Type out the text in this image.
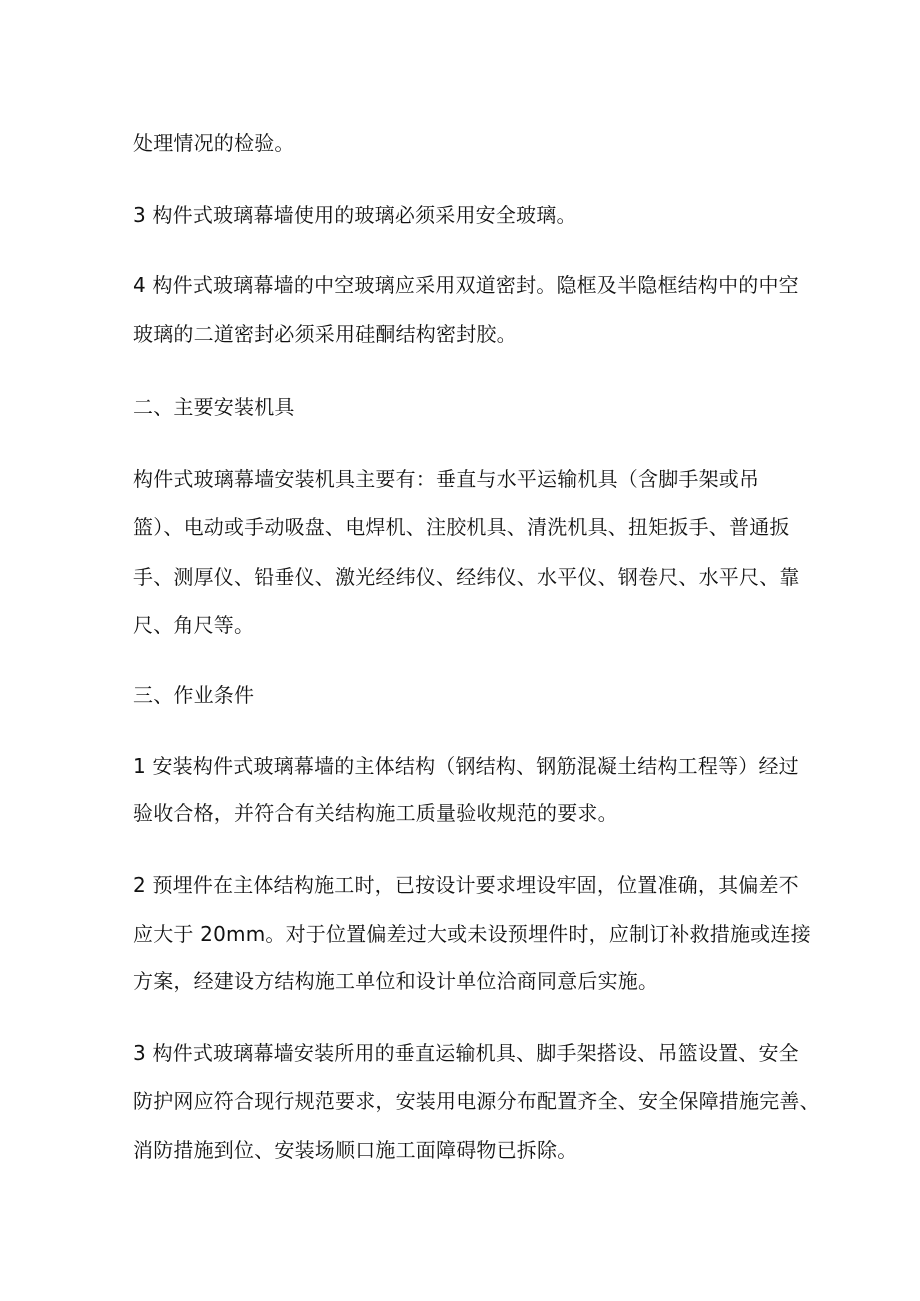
处理情况的检验。

3 构件式玻璃幕墙使用的玻璃必须采用安全玻璃。

4 构件式玻璃幕墙的中空玻璃应采用双道密封。隐框及半隐框结构中的中空

玻璃的二道密封必须采用硅酮结构密封胶。

二、主要安装机具

构件式玻璃幕墙安装机具主要有：垂直与水平运输机具（含脚手架或吊

篮）、电动或手动吸盘、电焊机、注胶机具、清洗机具、扭矩扳手、普通扳

手、测厚仪、铅垂仪、激光经纬仪、经纬仪、水平仪、钢卷尺、水平尺、靠

尺、角尺等。

三、作业条件

1 安装构件式玻璃幕墙的主体结构（钢结构、钢筋混凝土结构工程等）经过

验收合格，并符合有关结构施工质量验收规范的要求。

2 预埋件在主体结构施工时，已按设计要求埋设牢固，位置准确，其偏差不

应大于 20mm。对于位置偏差过大或未设预埋件时，应制订补救措施或连接

方案，经建设方结构施工单位和设计单位洽商同意后实施。

3 构件式玻璃幕墙安装所用的垂直运输机具、脚手架搭设、吊篮设置、安全

防护网应符合现行规范要求，安装用电源分布配置齐全、安全保障措施完善、

消防措施到位、安装场顺口施工面障碍物已拆除。
